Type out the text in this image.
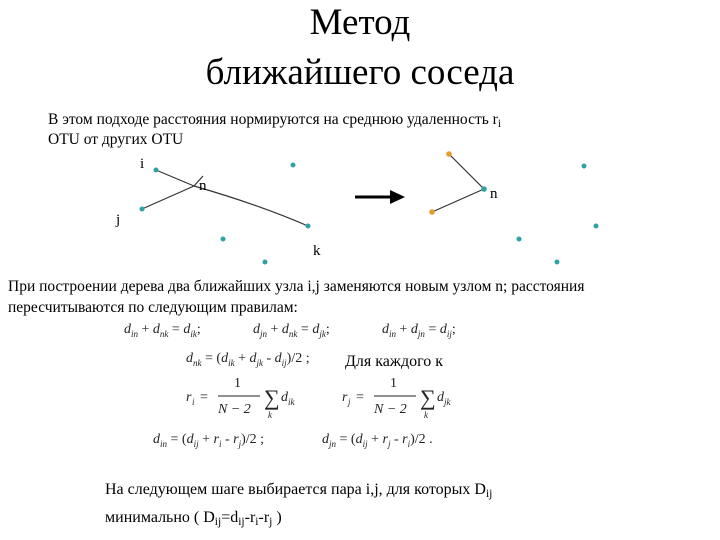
Метод
ближайшего соседа
В этом подходе расстояния нормируются на среднюю удаленность $r_i$
OTU от других OTU
i
j
n
k
n
$d_{in} + d_{nk} = d_{ik}$;	$d_{jn} + d_{nk} = d_{jk}$;	$d_{in} + d_{jn} = d_{ij}$;
$d_{nk} = (d_{ik} + d_{jk} - d_{ij})/2$ ;
r i =
1
N − 2 ∑
k
d ik	r j =
1
N − 2 ∑
k
d jk
$d_{in} = (d_{ij} + r_i - r_j)/2$ ;	$d_{jn} = (d_{ij} + r_j - r_i)/2$ .
При построении дерева два ближайших узла i,j заменяются новым узлом n; расстояния
пересчитываются по следующим правилам:
Для каждого к
На следующем шаге выбирается пара i,j, для которых $D_{ij}$
минимально ( $D_{ij}=d_{ij}-r_i-r_j$ )
